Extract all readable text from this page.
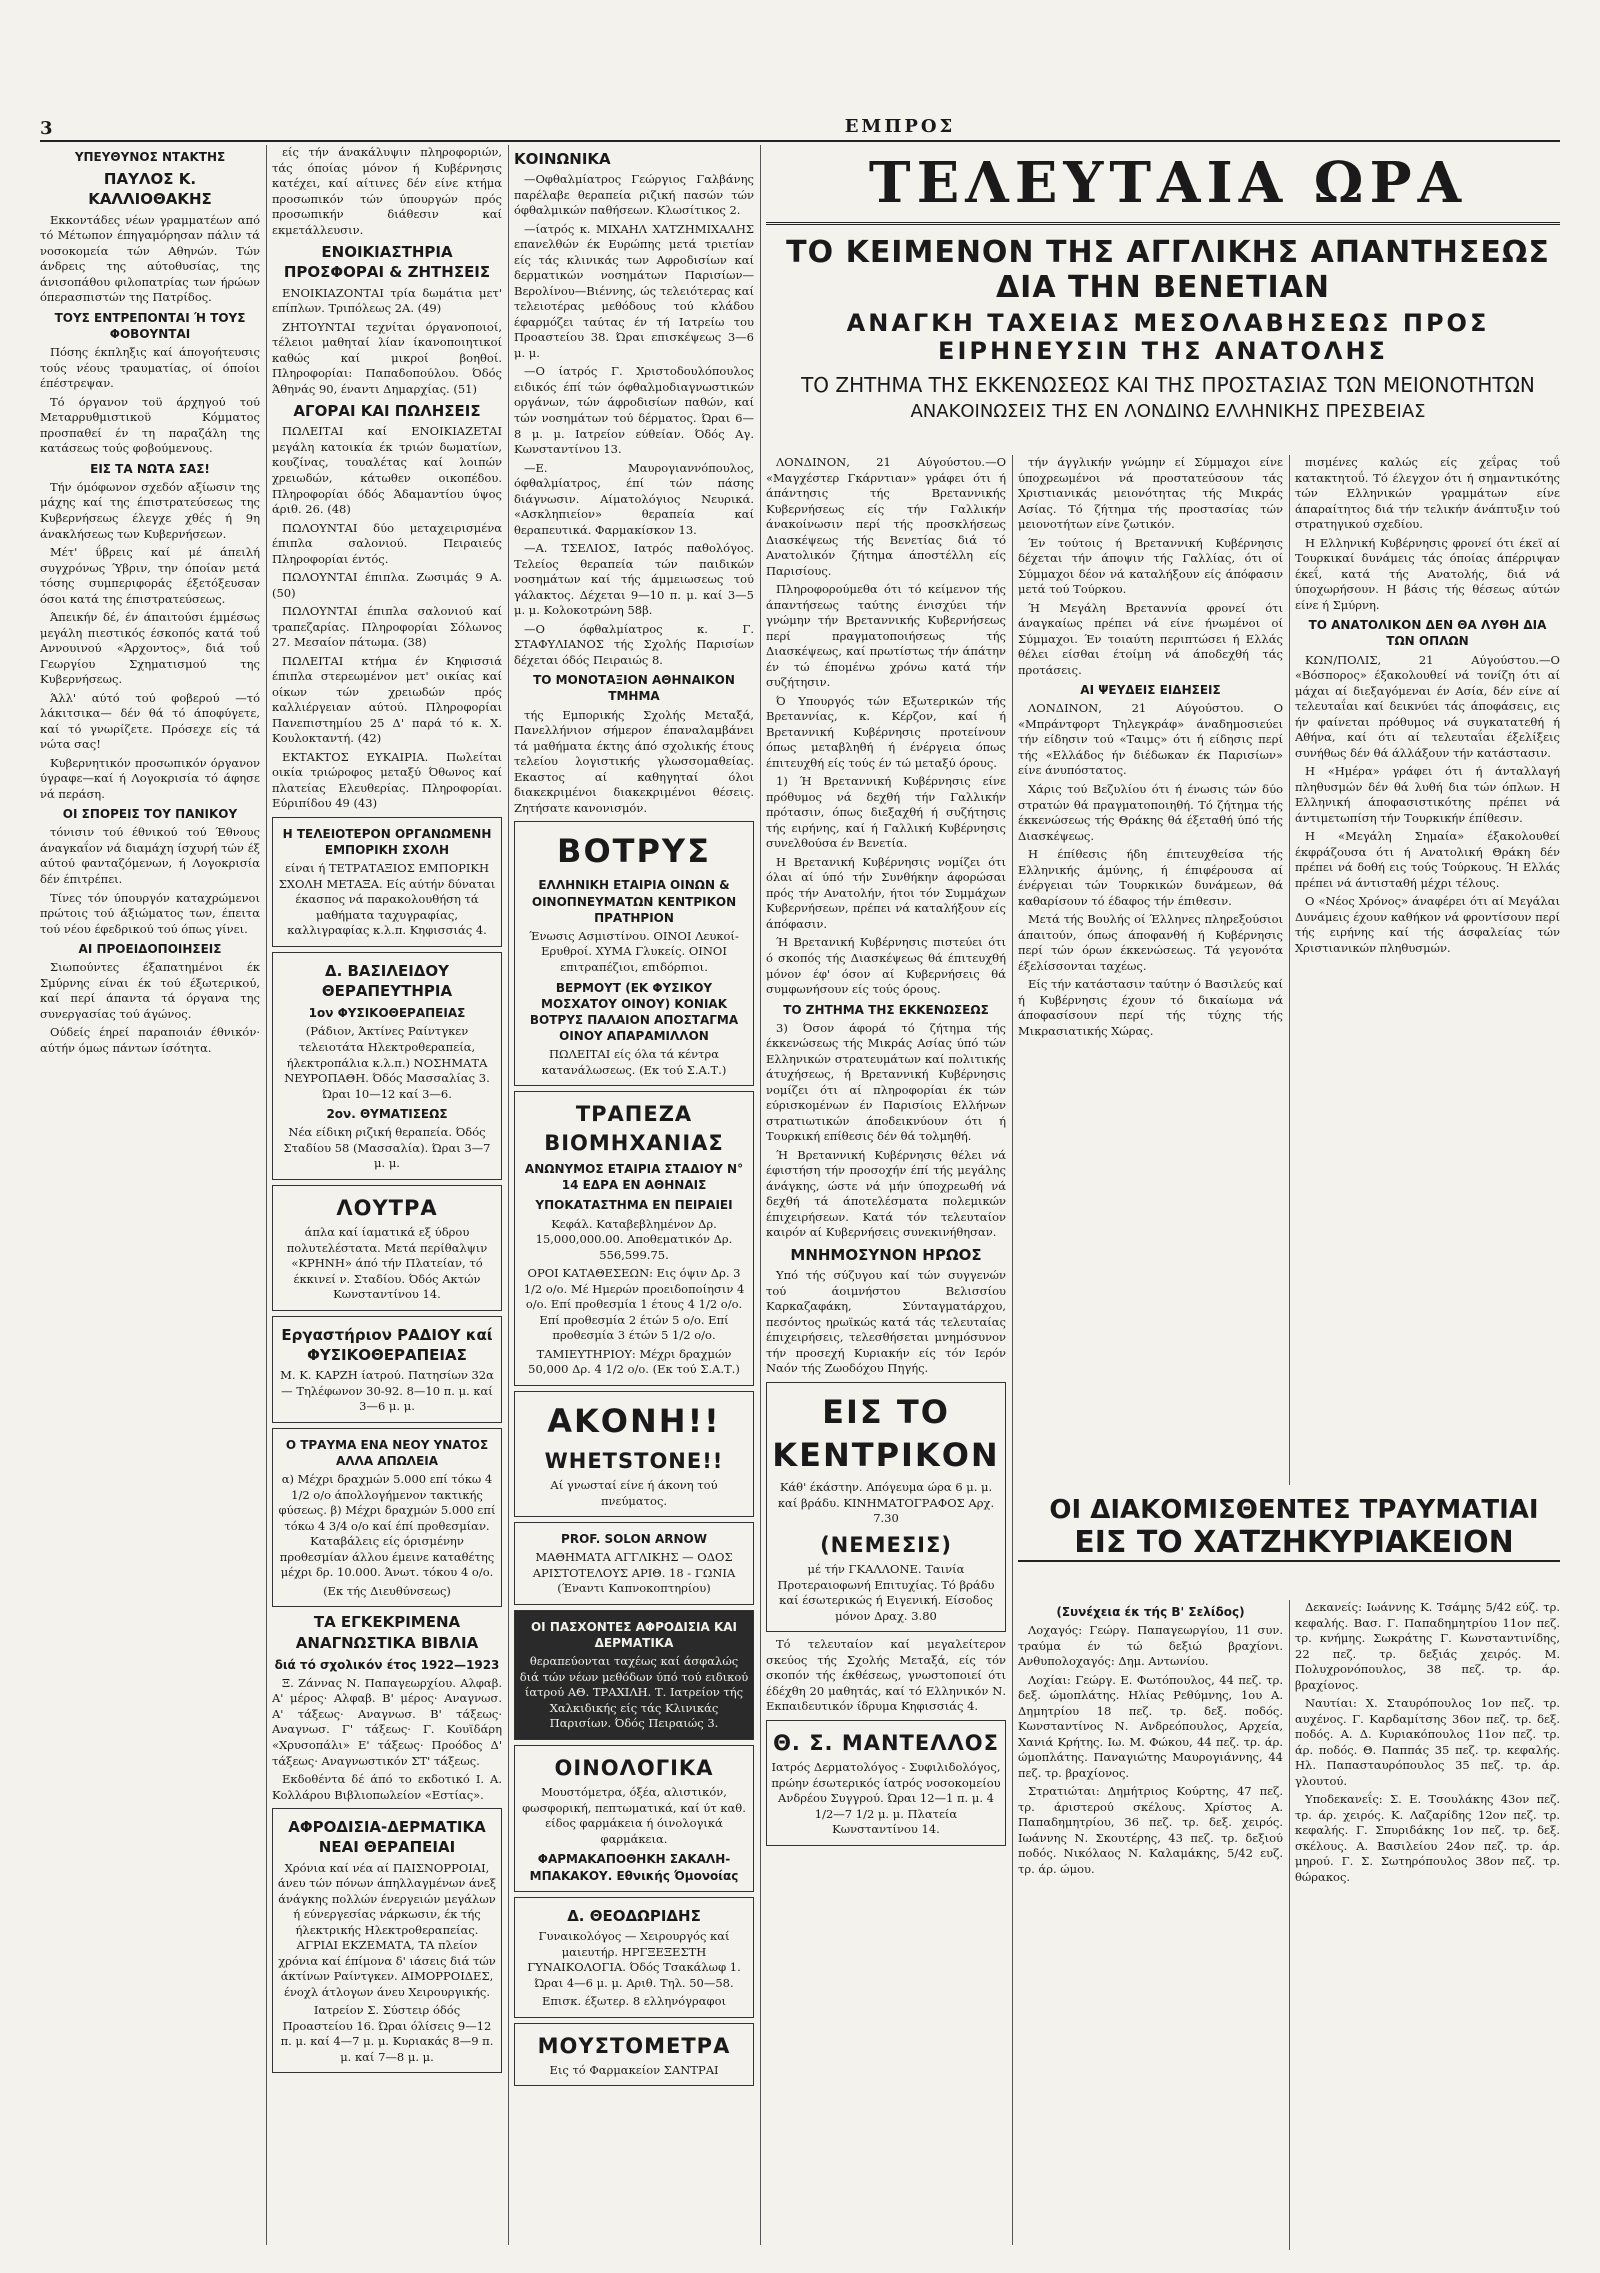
3	ΕΜΠΡΟΣ

ΥΠΕΥΘΥΝΟΣ ΝΤΑΚΤΗΣ

ΠΑΥΛΟΣ Κ. ΚΑΛΛΙΟΘΑΚΗΣ

Εκκοντάδες νέων γραμματέων από τό Μέτωπον έπηγαμόρησαν πάλιν τά νοσοκομεία τών Αθηνών. Τών άνδρεις της αύτοθυσίας, της άνισοπάθου φιλοπατρίας των ήρώων όπερασπιστών της Πατρίδος.

ΤΟΥΣ ΕΝΤΡΕΠΟΝΤΑΙ Ή ΤΟΥΣ ΦΟΒΟΥΝΤΑΙ

Πόσης έκπληξις καί άπογοήτευσις τούς νέους τραυματίας, οί όποίοι έπέστρεψαν.

Τό όργανον τοϋ άρχηγού τού Μεταρρυθμιστικοϋ Κόμματος προσπαθεί έν τη παραζάλη της κατάσεως τούς φοβούμενους.

ΕΙΣ ΤΑ ΝΩΤΑ ΣΑΣ!

Τήν όμόφωνον σχεδόν αξίωσιν της μάχης καί της έπιστρατεύσεως της Κυβερνήσεως έλεγχε χθές ή 9η άνακλήσεως των Κυβερνήσεων.

Μέτ' ΰβρεις καί μέ άπειλή συγχρόνως Ύβριν, την όποίαν μετά τόσης συμπεριφοράς έξετόξευσαν όσοι κατά της έπιστρατεύσεως.

Άπεικήν δέ, έν άπαιτούσι έμμέσως μεγάλη πιεστικός έσκοπός κατά τοΰ Αννουινού «Άρχοντος», διά τοΰ Γεωργίου Σχηματισμού της Κυβερνήσεως.

Άλλ' αύτό τού φοβερού —τό λάκιτσικα— δέν θά τό άποφύγετε, καί τό γνωρίζετε. Πρόσεχε είς τά νώτα σας!

Κυβερνητικόν προσωπικόν όργανον ύγραφε—καί ή Λογοκρισία τό άφησε νά περάση.

ΟΙ ΣΠΟΡΕΙΣ ΤΟΥ ΠΑΝΙΚΟΥ

τόνισιν τού έθνικού τού Έθνους άναγκαΐον νά διαμάχη ίσχυρή τών έξ αύτού φανταζόμενων, ή Λογοκρισία δέν έπιτρέπει.

Τίνες τόν ύπουργόν καταχρώμενοι πρώτοις τού άξιώματος των, έπειτα τού νέου έφεδρικού τού όπως γίνει.

ΑΙ ΠΡΟΕΙΔΟΠΟΙΗΣΕΙΣ

Σιωπούντες έξαπατημένοι έκ Σμύρνης είναι έκ τού έξωτερικού, καί περί άπαντα τά όργανα της συνεργασίας τού άγώνος.

Ούδείς έηρεί παραποιάν έθνικόν· αύτήν όμως πάντων ίσότητα.

είς τήν άνακάλυψιν πληροφοριών, τάς όποίας μόνον ή Κυβέρνησις κατέχει, καί αίτινες δέν είνε κτήμα προσωπικόν τών ύπουργών πρός προσωπικήν διάθεσιν καί εκμετάλλευσιν.

ΕΝΟΙΚΙΑΣΤΗΡΙΑ ΠΡΟΣΦΟΡΑΙ & ΖΗΤΗΣΕΙΣ

ΕΝΟΙΚΙΑΖΟΝΤΑΙ τρία δωμάτια μετ' επίπλων. Τριπόλεως 2Α. (49)

ΖΗΤΟΥΝΤΑΙ τεχνίται όργανοποιοί, τέλειοι μαθηταί λίαν ίκανοποιητικοί καθώς καί μικροί βοηθοί. Πληροφορίαι: Παπαδοπούλου. Όδός Άθηνάς 90, έναντι Δημαρχίας. (51)

ΑΓΟΡΑΙ ΚΑΙ ΠΩΛΗΣΕΙΣ

ΠΩΛΕΙΤΑΙ καί ΕΝΟΙΚΙΑΖΕΤΑΙ μεγάλη κατοικία έκ τριών δωματίων, κουζίνας, τουαλέτας καί λοιπών χρειωδών, κάτωθεν οικοπέδου. Πληροφορίαι όδός Άδαμαντίου ύψος άριθ. 26. (48)

ΠΩΛΟΥΝΤΑΙ δύο μεταχειρισμένα έπιπλα σαλονιού. Πειραιεύς Πληροφορίαι έντός.

ΠΩΛΟΥΝΤΑΙ έπιπλα. Ζωσιμάς 9 Α. (50)

ΠΩΛΟΥΝΤΑΙ έπιπλα σαλονιού καί τραπεζαρίας. Πληροφορίαι Σόλωνος 27. Μεσαίον πάτωμα. (38)

ΠΩΛΕΙΤΑΙ κτήμα έν Κηφισσιά έπιπλα στερεωμένον μετ' οικίας καί οίκων τών χρειωδών πρός καλλιέργειαν αύτού. Πληροφορίαι Πανεπιστημίου 25 Δ' παρά τό κ. Χ. Κουλοκταντή. (42)

ΕΚΤΑΚΤΟΣ ΕΥΚΑΙΡΙΑ. Πωλείται οικία τριώροφος μεταξύ Όθωνος καί πλατείας Ελευθερίας. Πληροφορίαι. Εύριπίδου 49 (43)

Η ΤΕΛΕΙΟΤΕΡΟΝ ΟΡΓΑΝΩΜΕΝΗ ΕΜΠΟΡΙΚΗ ΣΧΟΛΗ

είναι ή ΤΕΤΡΑΤΑΞΙΟΣ ΕΜΠΟΡΙΚΗ ΣΧΟΛΗ ΜΕΤΑΞΑ. Είς αύτήν δύναται έκασπος νά παρακολουθήση τά μαθήματα ταχυγραφίας, καλλιγραφίας κ.λ.π. Κηφισσιάς 4.

Δ. ΒΑΣΙΛΕΙΔΟΥ ΘΕΡΑΠΕΥΤΗΡΙΑ

1ον ΦΥΣΙΚΟΘΕΡΑΠΕΙΑΣ

(Ράδιον, Άκτίνες Ραίντγκεν τελειοτάτα Ηλεκτροθεραπεία, ήλεκτροπάλια κ.λ.π.) ΝΟΣΗΜΑΤΑ ΝΕΥΡΟΠΑΘΗ. Όδός Μασσαλίας 3. Ώραι 10—12 καί 3—6.

2ον. ΘΥΜΑΤΙΣΕΩΣ

Νέα είδικη ριζική θεραπεία. Όδός Σταδίου 58 (Μασσαλία). Ώραι 3—7 μ. μ.

ΛΟΥΤΡΑ

άπλα καί ίαματικά εξ ύδρου πολυτελέστατα. Μετά περίθαλψιν «ΚΡΗΝΗ» άπό τήν Πλατείαν, τό έκκινεί ν. Σταδίου. Όδός Ακτών Κωνσταντίνου 14.

Εργαστήριον ΡΑΔΙΟΥ καί ΦΥΣΙΚΟΘΕΡΑΠΕΙΑΣ

Μ. Κ. ΚΑΡΖΗ ίατρού. Πατησίων 32α — Τηλέφωνον 30-92. 8—10 π. μ. καί 3—6 μ. μ.

Ο ΤΡΑΥΜΑ ΕΝΑ ΝΕΟΥ ΥΝΑΤΟΣ ΑΛΛΑ ΑΠΩΛΕΙΑ

α) Μέχρι δραχμών 5.000 επί τόκω 4 1/2 ο/ο άπολλογήμενον τακτικής φύσεως. β) Μέχρι δραχμών 5.000 επί τόκω 4 3/4 ο/ο καί έπί προθεσμίαν. Καταβάλεις είς όρισμένην προθεσμίαν άλλου έμεινε καταθέτης μέχρι δρ. 10.000. Άνωτ. τόκου 4 ο/ο.

(Εκ τής Διευθύνσεως)

ΤΑ ΕΓΚΕΚΡΙΜΕΝΑ ΑΝΑΓΝΩΣΤΙΚΑ ΒΙΒΛΙΑ

διά τό σχολικόν έτος 1922—1923

Ξ. Ζάννας Ν. Παπαγεωρχίου. Αλφαβ. Α' μέρος· Αλφαβ. Β' μέρος· Αναγνωσ. Α' τάξεως· Αναγνωσ. Β' τάξεως· Αναγνωσ. Γ' τάξεως· Γ. Κουϊδάρη «Χρυσοπάλι» Ε' τάξεως· Προόδος Δ' τάξεως· Αναγνωστικόν ΣΤ' τάξεως.

Εκδοθέντα δέ άπό το εκδοτικό Ι. Α. Κολλάρου Βιβλιοπωλείον «Εστίας».

ΑΦΡΟΔΙΣΙΑ-ΔΕΡΜΑΤΙΚΑ ΝΕΑΙ ΘΕΡΑΠΕΙΑΙ

Χρόνια καί νέα αί ΠΑΙΣΝΟΡΡΟΙΑΙ, άνευ τών πόνων άπηλλαγμένων άνεξ άνάγκης πολλών ένεργειών μεγάλων ή εύνεργεσίας νάρκωσιν, έκ τής ήλεκτρικής Ηλεκτροθεραπείας. ΑΓΡΙΑΙ ΕΚΖΕΜΑΤΑ, ΤΑ πλείον χρόνια καί έπίμονα δ' ιάσεις διά τών άκτίνων Ραίντγκεν. ΑΙΜΟΡΡΟΙΔΕΣ, ένοχλ άτλογων άνευ Χειρουργικής.

Ιατρείον Σ. Σύστειρ όδός Προαστείου 16. Ώραι όλίσεις 9—12 π. μ. καί 4—7 μ. μ. Κυριακάς 8—9 π. μ. καί 7—8 μ. μ.

ΚΟΙΝΩΝΙΚΑ

—Οφθαλμίατρος Γεώργιος Γαλβάνης παρέλαβε θεραπεία ριζική πασών τών όφθαλμικών παθήσεων. Κλωσίτικος 2.

—ίατρός κ. ΜΙΧΑΗΛ ΧΑΤΖΗΜΙΧΑΛΗΣ επανελθών έκ Ευρώπης μετά τριετίαν είς τάς κλινικάς των Αφροδισίων καί δερματικών νοσημάτων Παρισίων—Βερολίνου—Βιέννης, ώς τελειότερας καί τελειοτέρας μεθόδους τού κλάδου έφαρμόζει ταύτας έν τή Ιατρείω του Προαστείου 38. Ώραι επισκέψεως 3—6 μ. μ.

—Ο ίατρός Γ. Χριστοδουλόπουλος ειδικός έπί τών όφθαλμοδιαγνωστικών οργάνων, τών άφροδισίων παθών, καί τών νοσημάτων τού δέρματος. Ώραι 6—8 μ. μ. Ιατρείον εύθείαν. Όδός Αγ. Κωνσταντίνου 13.

—Ε. Μαυρογιαννόπουλος, όφθαλμίατρος, έπί τών πάσης διάγνωσιν. Αίματολόγιος Νευρικά. «Ασκληπιείον» θεραπεία καί θεραπευτικά. Φαρμακίσκον 13.

—Α. ΤΣΕΛΙΟΣ, Ιατρός παθολόγος. Τελείος θεραπεία τών παιδικών νοσημάτων καί τής άμμειωσεως τού γάλακτος. Δέχεται 9—10 π. μ. καί 3—5 μ. μ. Κολοκοτρώνη 58β.

—Ο όφθαλμίατρος κ. Γ. ΣΤΑΦΥΛΙΑΝΟΣ τής Σχολής Παρισίων δέχεται όδός Πειραιώς 8.

ΤΟ ΜΟΝΟΤΑΞΙΟΝ ΑΘΗΝΑΙΚΟΝ ΤΜΗΜΑ

τής Εμπορικής Σχολής Μεταξά, Πανελλήνιον σήμερον έπαναλαμβάνει τά μαθήματα έκτης άπό σχολικής έτους τελείου λογιστικής γλωσσομαθείας. Εκαστος αί καθηγηταί όλοι διακεκριμένοι διακεκριμένοι θέσεις. Ζητήσατε κανονισμόν.

ΒΟΤΡΥΣ

ΕΛΛΗΝΙΚΗ ΕΤΑΙΡΙΑ ΟΙΝΩΝ & ΟΙΝΟΠΝΕΥΜΑΤΩΝ ΚΕΝΤΡΙΚΟΝ ΠΡΑΤΗΡΙΟΝ

Ένωσις Ασμιστίνου. ΟΙΝΟΙ Λευκοί-Ερυθροί. ΧΥΜΑ Γλυκείς. ΟΙΝΟΙ επιτραπέζιοι, επιδόρπιοι.

ΒΕΡΜΟΥΤ (ΕΚ ΦΥΣΙΚΟΥ ΜΟΣΧΑΤΟΥ ΟΙΝΟΥ) ΚΟΝΙΑΚ ΒΟΤΡΥΣ ΠΑΛΑΙΟΝ ΑΠΟΣΤΑΓΜΑ ΟΙΝΟΥ ΑΠΑΡΑΜΙΛΛΟΝ

ΠΩΛΕΙΤΑΙ είς όλα τά κέντρα κατανάλωσεως. (Εκ τού Σ.Α.Τ.)

ΤΡΑΠΕΖΑ ΒΙΟΜΗΧΑΝΙΑΣ

ΑΝΩΝΥΜΟΣ ΕΤΑΙΡΙΑ ΣΤΑΔΙΟΥ Ν° 14 ΕΔΡΑ ΕΝ ΑΘΗΝΑΙΣ

ΥΠΟΚΑΤΑΣΤΗΜΑ ΕΝ ΠΕΙΡΑΙΕΙ

Κεφάλ. Καταβεβλημένον Δρ. 15,000,000.00. Αποθεματικόν Δρ. 556,599.75.

ΟΡΟΙ ΚΑΤΑΘΕΣΕΩΝ: Εις όψιν Δρ. 3 1/2 ο/ο. Μέ Ημερών προειδοποίησιν 4 ο/ο. Επί προθεσμία 1 έτους 4 1/2 ο/ο. Επί προθεσμία 2 έτών 5 ο/ο. Επί προθεσμία 3 έτών 5 1/2 ο/ο.

ΤΑΜΙΕΥΤΗΡΙΟΥ: Μέχρι δραχμών 50,000 Δρ. 4 1/2 ο/ο. (Εκ τού Σ.Α.Τ.)

ΑΚΟΝΗ!!

WHETSTONE!!

Αί γνωσταί είνε ή άκονη τού πνεύματος.

PROF. SOLON ARNOW

ΜΑΘΗΜΑΤΑ ΑΓΓΛΙΚΗΣ — ΟΔΟΣ ΑΡΙΣΤΟΤΕΛΟΥΣ ΑΡΙΘ. 18 - ΓΩΝΙΑ (Έναντι Καπνοκοπτηρίου)

ΟΙ ΠΑΣΧΟΝΤΕΣ ΑΦΡΟΔΙΣΙΑ ΚΑΙ ΔΕΡΜΑΤΙΚΑ

θεραπεύονται ταχέως καί άσφαλώς διά τών νέων μεθόδων ύπό τού ειδικού ίατρού ΑΘ. ΤΡΑΧΙΛΗ. Τ. Ιατρείον τής Χαλκιδικής είς τάς Κλινικάς Παρισίων. Όδός Πειραιώς 3.

ΟΙΝΟΛΟΓΙΚΑ

Μουστόμετρα, όξέα, αλιστικόν, φωσφορική, πεπτωματικά, καί ύτ καθ. είδος φαρμάκεια ή όινολογικά φαρμάκεια.

ΦΑΡΜΑΚΑΠΟΘΗΚΗ ΣΑΚΑΛΗ-ΜΠΑΚΑΚΟΥ. Εθνικής Όμονοίας

Δ. ΘΕΟΔΩΡΙΔΗΣ

Γυναικολόγος — Χειρουργός καί μαιευτήρ. ΗΡΓΞΕΞΕΣΤΗ ΓΥΝΑΙΚΟΛΟΓΙΑ. Όδός Τσακάλωφ 1. Ώραι 4—6 μ. μ. Αριθ. Τηλ. 50—58.

Επισκ. έξωτερ. 8 ελληνόγραφοι

ΜΟΥΣΤΟΜΕΤΡΑ

Εις τό Φαρμακείον ΣΑΝΤΡΑΙ

ΤΕΛΕΥΤΑΙΑ ΩΡΑ

ΤΟ ΚΕΙΜΕΝΟΝ ΤΗΣ ΑΓΓΛΙΚΗΣ ΑΠΑΝΤΗΣΕΩΣ ΔΙΑ ΤΗΝ ΒΕΝΕΤΙΑΝ

ΑΝΑΓΚΗ ΤΑΧΕΙΑΣ ΜΕΣΟΛΑΒΗΣΕΩΣ ΠΡΟΣ ΕΙΡΗΝΕΥΣΙΝ ΤΗΣ ΑΝΑΤΟΛΗΣ

ΤΟ ΖΗΤΗΜΑ ΤΗΣ ΕΚΚΕΝΩΣΕΩΣ ΚΑΙ ΤΗΣ ΠΡΟΣΤΑΣΙΑΣ ΤΩΝ ΜΕΙΟΝΟΤΗΤΩΝ

ΑΝΑΚΟΙΝΩΣΕΙΣ ΤΗΣ ΕΝ ΛΟΝΔΙΝΩ ΕΛΛΗΝΙΚΗΣ ΠΡΕΣΒΕΙΑΣ

ΛΟΝΔΙΝΟΝ, 21 Αύγούστου.—Ο «Μαγχέστερ Γκάρντιαν» γράφει ότι ή άπάντησις τής Βρεταννικής Κυβερνήσεως είς τήν Γαλλικήν άνακοίνωσιν περί τής προσκλήσεως Διασκέψεως τής Βενετίας διά τό Ανατολικόν ζήτημα άποστέλλη είς Παρισίους.

Πληροφορούμεθα ότι τό κείμενον τής άπαντήσεως ταύτης ένισχύει τήν γνώμην τήν Βρεταννικής Κυβερνήσεως περί πραγματοποιήσεως τής Διασκέψεως, καί πρωτίστως τήν άπάτην έν τώ έπομένω χρόνω κατά τήν συζήτησιν.

Ό Υπουργός τών Εξωτερικών τής Βρεταννίας, κ. Κέρζον, καί ή Βρεταννική Κυβέρνησις προτείνουν όπως μεταβληθή ή ένέργεια όπως έπιτευχθή είς τούς έν τώ μεταξύ όρους.

1) Ή Βρεταννική Κυβέρνησις είνε πρόθυμος νά δεχθή τήν Γαλλικήν πρότασιν, όπως διεξαχθή ή συζήτησις τής ειρήνης, καί ή Γαλλική Κυβέρνησις συνελθούσα έν Βενετία.

Η Βρετανική Κυβέρνησις νομίζει ότι όλαι αί ύπό τήν Συνθήκην άφορώσαι πρός τήν Ανατολήν, ήτοι τόν Συμμάχων Κυβερνήσεων, πρέπει νά καταλήξουν είς άπόφασιν.

Ή Βρετανική Κυβέρνησις πιστεύει ότι ό σκοπός τής Διασκέψεως θά έπιτευχθή μόνον έφ' όσον αί Κυβερνήσεις θά συμφωνήσουν είς τούς όρους.

ΤΟ ΖΗΤΗΜΑ ΤΗΣ ΕΚΚΕΝΩΣΕΩΣ

3) Όσον άφορά τό ζήτημα τής έκκενώσεως τής Μικράς Ασίας ύπό τών Ελληνικών στρατευμάτων καί πολιτικής άτυχήσεως, ή Βρεταννική Κυβέρνησις νομίζει ότι αί πληροφορίαι έκ τών εύρισκομένων έν Παρισίοις Ελλήνων στρατιωτικών άποδεικνύουν ότι ή Τουρκική επίθεσις δέν θά τολμηθή.

Ή Βρεταννική Κυβέρνησις θέλει νά έφιστήση τήν προσοχήν έπί τής μεγάλης άνάγκης, ώστε νά μήν ύποχρεωθή νά δεχθή τά άποτελέσματα πολεμικών έπιχειρήσεων. Κατά τόν τελευταίον καιρόν αί Κυβερνήσεις συνεκινήθησαν.

ΜΝΗΜΟΣΥΝΟΝ ΗΡΩΟΣ

Υπό τής σύζυγου καί τών συγγενών τού άοιμνήστου Βελισσίου Καρκαζαφάκη, Σύνταγματάρχου, πεσόντος ηρωϊκώς κατά τάς τελευταίας έπιχειρήσεις, τελεσθήσεται μνημόσυνον τήν προσεχή Κυριακήν είς τόν Ιερόν Ναόν τής Ζωοδόχου Πηγής.

ΕΙΣ ΤΟ ΚΕΝΤΡΙΚΟΝ

Κάθ' έκάστην. Απόγευμα ώρα 6 μ. μ. καί βράδυ. ΚΙΝΗΜΑΤΟΓΡΑΦΟΣ Αρχ. 7.30

(ΝΕΜΕΣΙΣ)

μέ τήν ΓΚΑΛΛΟΝΕ. Ταινία Προτεραιοφωνή Επιτυχίας. Τό βράδυ καί έσωτερικώς ή Ειγενική. Είσοδος μόνον Δραχ. 3.80

Τό τελευταίον καί μεγαλείτερον σκεύος τής Σχολής Μεταξά, είς τόν σκοπόν τής έκθέσεως, γνωστοποιεί ότι έδέχθη 20 μαθητάς, καί τό Ελληνικόν Ν. Εκπαιδευτικόν ίδρυμα Κηφισσιάς 4.

Θ. Σ. ΜΑΝΤΕΛΛΟΣ

Ιατρός Δερματολόγος - Συφιλιδολόγος, πρώην έσωτερικός ίατρός νοσοκομείου Ανδρέου Συγγρού. Ώραι 12—1 π. μ. 4 1/2—7 1/2 μ. μ. Πλατεία Κωνσταντίνου 14.

τήν άγγλικήν γνώμην εί Σύμμαχοι είνε ύποχρεωμένοι νά προστατεύσουν τάς Χριστιανικάς μειονότητας τής Μικράς Ασίας. Τό ζήτημα τής προστασίας τών μειονοτήτων είνε ζωτικόν.

Έν τούτοις ή Βρεταννική Κυβέρνησις δέχεται τήν άποψιν τής Γαλλίας, ότι οί Σύμμαχοι δέον νά καταλήξουν είς άπόφασιν μετά τού Τούρκου.

Ή Μεγάλη Βρεταννία φρονεί ότι άναγκαίως πρέπει νά είνε ήνωμένοι οί Σύμμαχοι. Έν τοιαύτη περιπτώσει ή Ελλάς θέλει είσθαι έτοίμη νά άποδεχθή τάς προτάσεις.

ΑΙ ΨΕΥΔΕΙΣ ΕΙΔΗΣΕΙΣ

ΛΟΝΔΙΝΟΝ, 21 Αύγούστου. Ο «Μπράντφορτ Τηλεγκράφ» άναδημοσιεύει τήν είδησιν τού «Ταιμς» ότι ή είδησις περί τής «Ελλάδος ήν διέδωκαν έκ Παρισίων» είνε άνυπόστατος.

Χάρις τού Βεζυλίου ότι ή ένωσις τών δύο στρατών θά πραγματοποιηθή. Τό ζήτημα τής έκκενώσεως τής Θράκης θά έξεταθή ύπό τής Διασκέψεως.

Η έπίθεσις ήδη έπιτευχθείσα τής Ελληνικής άμύνης, ή έπιφέρουσα αί ένέργειαι τών Τουρκικών δυνάμεων, θά καθαρίσουν τό έδαφος τήν έπιθεσιν.

Μετά τής Βουλής οί Έλληνες πληρεξούσιοι άπαιτούν, όπως άποφανθή ή Κυβέρνησις περί τών όρων έκκενώσεως. Τά γεγονότα έξελίσσονται ταχέως.

Είς τήν κατάστασιν ταύτην ό Βασιλεύς καί ή Κυβέρνησις έχουν τό δικαίωμα νά άποφασίσουν περί τής τύχης τής Μικρασιατικής Χώρας.

πισμένες καλώς είς χεΐρας τοΰ κατακτητοΰ. Τό έλεγχον ότι ή σημαντικότης τών Ελληνικών γραμμάτων είνε άπαραίτητος διά τήν τελικήν άνάπτυξιν τού στρατηγικού σχεδίου.

Η Ελληνική Κυβέρνησις φρονεί ότι έκεϊ αί Τουρκικαί δυνάμεις τάς όποίας άπέρριψαν έκεΐ, κατά τής Ανατολής, διά νά ύποχωρήσουν. Η βάσις τής θέσεως αύτών είνε ή Σμύρνη.

ΤΟ ΑΝΑΤΟΛΙΚΟΝ ΔΕΝ ΘΑ ΛΥΘΗ ΔΙΑ ΤΩΝ ΟΠΛΩΝ

ΚΩΝ/ΠΟΛΙΣ, 21 Αύγούστου.—Ο «Βόσπορος» έξακολουθεί νά τονίζη ότι αί μάχαι αί διεξαγόμεναι έν Ασία, δέν είνε αί τελευταΐαι καί δεικνύει τάς άποφάσεις, εις ήν φαίνεται πρόθυμος νά συγκατατεθή ή Αθήνα, καί ότι αί τελευταΐαι έξελίξεις συνήθως δέν θά άλλάξουν τήν κατάστασιν.

Η «Ημέρα» γράφει ότι ή άνταλλαγή πληθυσμών δέν θά λυθή δια τών όπλων. Η Ελληνική άποφασιστικότης πρέπει νά άντιμετωπίση τήν Τουρκικήν έπίθεσιν.

Η «Μεγάλη Σημαία» έξακολουθεί έκφράζουσα ότι ή Ανατολική Θράκη δέν πρέπει νά δοθή εις τούς Τούρκους. Ή Ελλάς πρέπει νά άντισταθή μέχρι τέλους.

Ο «Νέος Χρόνος» άναφέρει ότι αί Μεγάλαι Δυνάμεις έχουν καθήκον νά φροντίσουν περί τής ειρήνης καί τής άσφαλείας τών Χριστιανικών πληθυσμών.

ΟΙ ΔΙΑΚΟΜΙΣΘΕΝΤΕΣ ΤΡΑΥΜΑΤΙΑΙ

ΕΙΣ ΤΟ ΧΑΤΖΗΚΥΡΙΑΚΕΙΟΝ

(Συνέχεια έκ τής Β' Σελίδος)

Λοχαγός: Γεώργ. Παπαγεωργίου, 11 συν. τραύμα έν τώ δεξιώ βραχίονι. Ανθυπολοχαγός: Δημ. Αντωνίου.

Λοχίαι: Γεώργ. Ε. Φωτόπουλος, 44 πεζ. τρ. δεξ. ώμοπλάτης. Ηλίας Ρεθύμνης, 1ου Α. Δημητρίου 18 πεζ. τρ. δεξ. ποδός. Κωνσταντίνος Ν. Ανδρεόπουλος, Αρχεία, Χανιά Κρήτης. Ιω. Μ. Φώκου, 44 πεζ. τρ. άρ. ώμοπλάτης. Παναγιώτης Μαυρογιάννης, 44 πεζ. τρ. βραχίονος.

Στρατιώται: Δημήτριος Κούρτης, 47 πεζ. τρ. άριστερού σκέλους. Χρίστος Α. Παπαδημητρίου, 36 πεζ. τρ. δεξ. χειρός. Ιωάννης Ν. Σκουτέρης, 43 πεζ. τρ. δεξιού ποδός. Νικόλαος Ν. Καλαμάκης, 5/42 ευζ. τρ. άρ. ώμου.

Δεκανείς: Ιωάννης Κ. Τσάμης 5/42 εύζ. τρ. κεφαλής. Βασ. Γ. Παπαδημητρίου 11ον πεζ. τρ. κνήμης. Σωκράτης Γ. Κωνσταντινίδης, 22 πεζ. τρ. δεξιάς χειρός. Μ. Πολυχρονόπουλος, 38 πεζ. τρ. άρ. βραχίονος.

Ναυτίαι: Χ. Σταυρόπουλος 1ον πεζ. τρ. αυχένος. Γ. Καρδαμίτσης 36ον πεζ. τρ. δεξ. ποδός. Α. Δ. Κυριακόπουλος 11ον πεζ. τρ. άρ. ποδός. Θ. Παππάς 35 πεζ. τρ. κεφαλής. Ηλ. Παπασταυρόπουλος 35 πεζ. τρ. άρ. γλουτού.

Υποδεκανεΐς: Σ. Ε. Τσουλάκης 43ον πεζ. τρ. άρ. χειρός. Κ. Λαζαρίδης 12ον πεζ. τρ. κεφαλής. Γ. Σπυριδάκης 1ον πεζ. τρ. δεξ. σκέλους. Α. Βασιλείου 24ον πεζ. τρ. άρ. μηρού. Γ. Σ. Σωτηρόπουλος 38ον πεζ. τρ. θώρακος.
